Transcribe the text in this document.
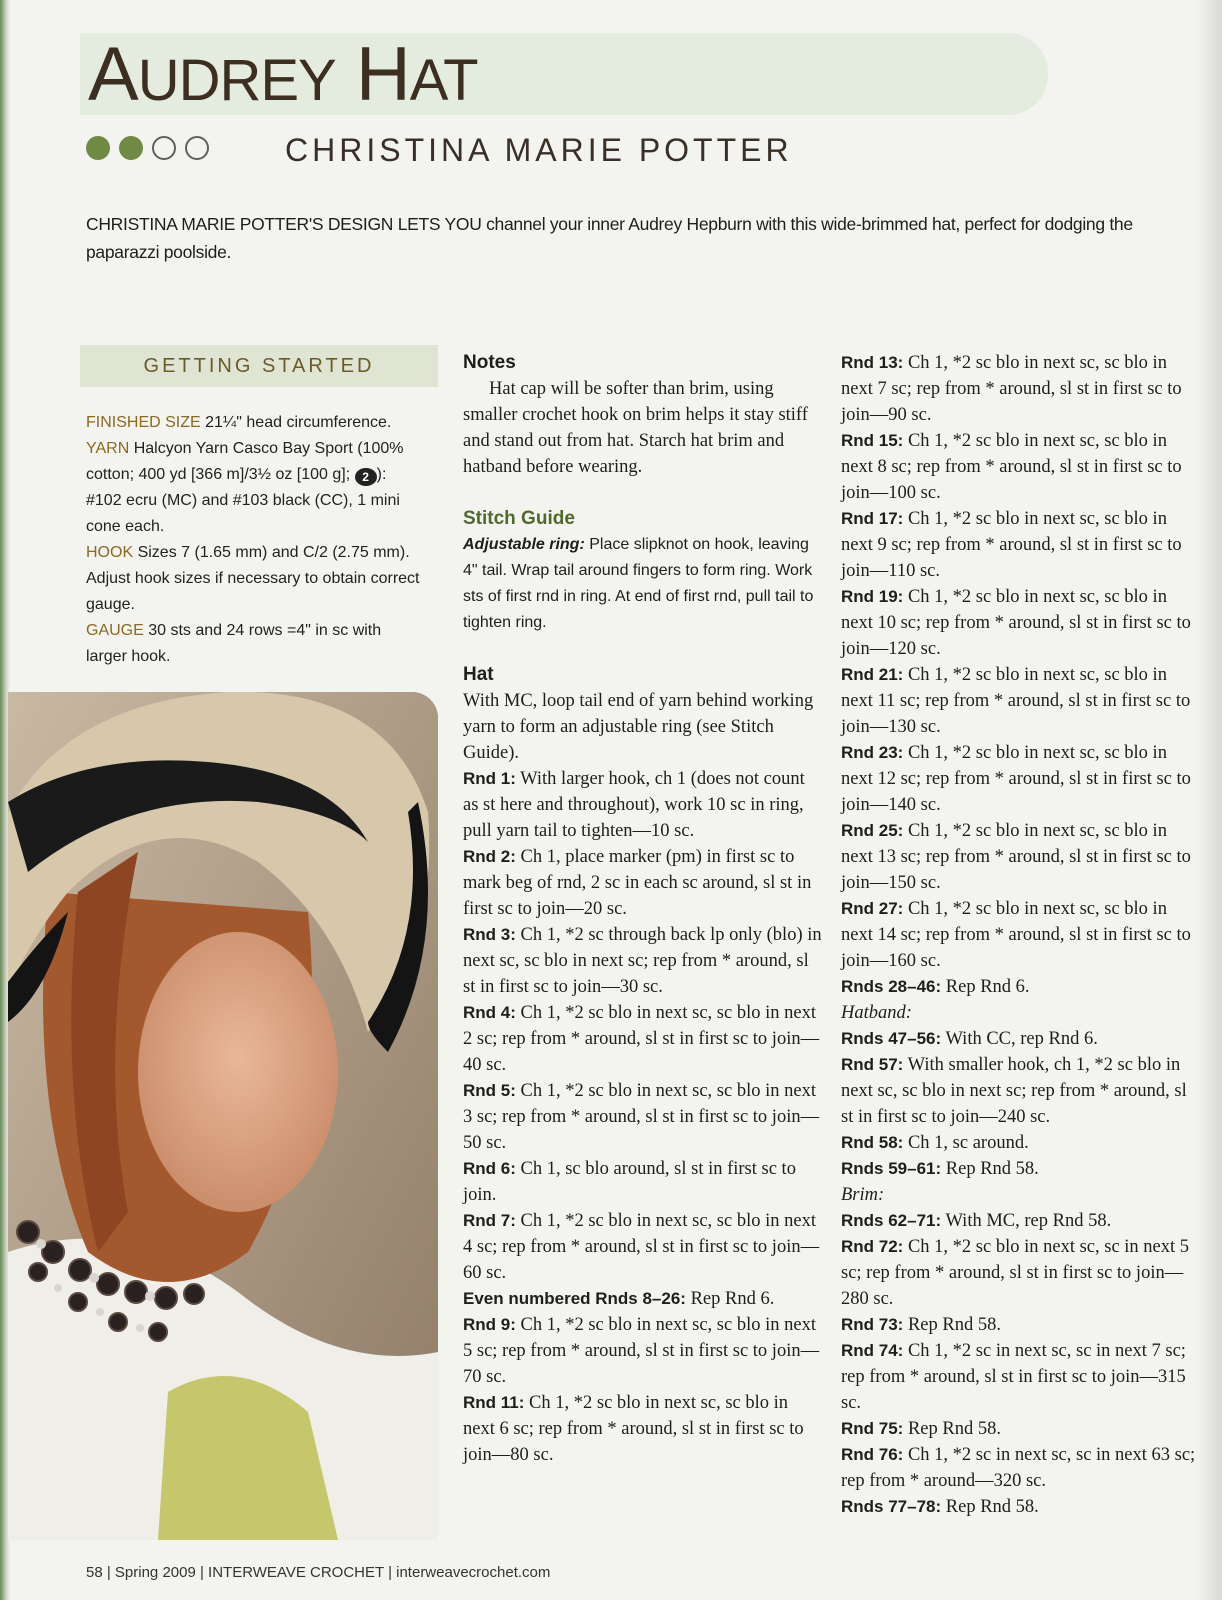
AUDREY HAT
CHRISTINA MARIE POTTER

CHRISTINA MARIE POTTER'S DESIGN LETS YOU channel your inner Audrey Hepburn with this wide-brimmed hat, perfect for dodging the paparazzi poolside.

GETTING STARTED

FINISHED SIZE 21¼" head circumference.

YARN Halcyon Yarn Casco Bay Sport (100% cotton; 400 yd [366 m]/3½ oz [100 g]; 2 ): #102 ecru (MC) and #103 black (CC), 1 mini cone each.

HOOK Sizes 7 (1.65 mm) and C/2 (2.75 mm). Adjust hook sizes if necessary to obtain correct gauge.

GAUGE 30 sts and 24 rows =4" in sc with larger hook.

Notes

Hat cap will be softer than brim, using smaller crochet hook on brim helps it stay stiff and stand out from hat. Starch hat brim and hatband before wearing.

Stitch Guide

Adjustable ring: Place slipknot on hook, leaving 4" tail. Wrap tail around fingers to form ring. Work sts of first rnd in ring. At end of first rnd, pull tail to tighten ring.

Hat

With MC, loop tail end of yarn behind working yarn to form an adjustable ring (see Stitch Guide).

Rnd 1: With larger hook, ch 1 (does not count as st here and throughout), work 10 sc in ring, pull yarn tail to tighten—10 sc.

Rnd 2: Ch 1, place marker (pm) in first sc to mark beg of rnd, 2 sc in each sc around, sl st in first sc to join—20 sc.

Rnd 3: Ch 1, *2 sc through back lp only (blo) in next sc, sc blo in next sc; rep from * around, sl st in first sc to join—30 sc.

Rnd 4: Ch 1, *2 sc blo in next sc, sc blo in next 2 sc; rep from * around, sl st in first sc to join—40 sc.

Rnd 5: Ch 1, *2 sc blo in next sc, sc blo in next 3 sc; rep from * around, sl st in first sc to join—50 sc.

Rnd 6: Ch 1, sc blo around, sl st in first sc to join.

Rnd 7: Ch 1, *2 sc blo in next sc, sc blo in next 4 sc; rep from * around, sl st in first sc to join—60 sc.

Even numbered Rnds 8–26: Rep Rnd 6.

Rnd 9: Ch 1, *2 sc blo in next sc, sc blo in next 5 sc; rep from * around, sl st in first sc to join—70 sc.

Rnd 11: Ch 1, *2 sc blo in next sc, sc blo in next 6 sc; rep from * around, sl st in first sc to join—80 sc.

Rnd 13: Ch 1, *2 sc blo in next sc, sc blo in next 7 sc; rep from * around, sl st in first sc to join—90 sc.

Rnd 15: Ch 1, *2 sc blo in next sc, sc blo in next 8 sc; rep from * around, sl st in first sc to join—100 sc.

Rnd 17: Ch 1, *2 sc blo in next sc, sc blo in next 9 sc; rep from * around, sl st in first sc to join—110 sc.

Rnd 19: Ch 1, *2 sc blo in next sc, sc blo in next 10 sc; rep from * around, sl st in first sc to join—120 sc.

Rnd 21: Ch 1, *2 sc blo in next sc, sc blo in next 11 sc; rep from * around, sl st in first sc to join—130 sc.

Rnd 23: Ch 1, *2 sc blo in next sc, sc blo in next 12 sc; rep from * around, sl st in first sc to join—140 sc.

Rnd 25: Ch 1, *2 sc blo in next sc, sc blo in next 13 sc; rep from * around, sl st in first sc to join—150 sc.

Rnd 27: Ch 1, *2 sc blo in next sc, sc blo in next 14 sc; rep from * around, sl st in first sc to join—160 sc.

Rnds 28–46: Rep Rnd 6.

Hatband:

Rnds 47–56: With CC, rep Rnd 6.

Rnd 57: With smaller hook, ch 1, *2 sc blo in next sc, sc blo in next sc; rep from * around, sl st in first sc to join—240 sc.

Rnd 58: Ch 1, sc around.

Rnds 59–61: Rep Rnd 58.

Brim:

Rnds 62–71: With MC, rep Rnd 58.

Rnd 72: Ch 1, *2 sc blo in next sc, sc in next 5 sc; rep from * around, sl st in first sc to join—280 sc.

Rnd 73: Rep Rnd 58.

Rnd 74: Ch 1, *2 sc in next sc, sc in next 7 sc; rep from * around, sl st in first sc to join—315 sc.

Rnd 75: Rep Rnd 58.

Rnd 76: Ch 1, *2 sc in next sc, sc in next 63 sc; rep from * around—320 sc.

Rnds 77–78: Rep Rnd 58.

58 | Spring 2009 | INTERWEAVE CROCHET | interweavecrochet.com
